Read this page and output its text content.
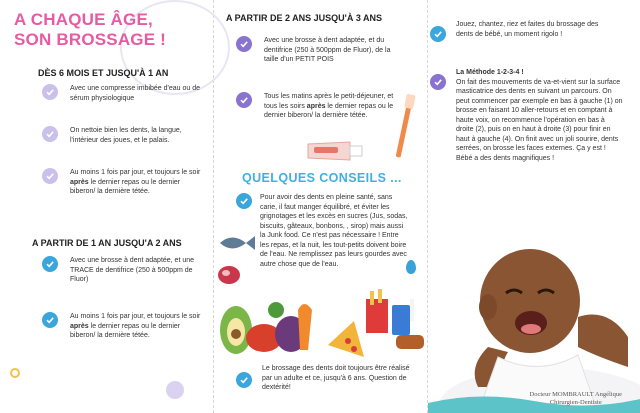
A CHAQUE ÂGE,
SON BROSSAGE !
DÈS 6 MOIS ET JUSQU'À 1 AN
Avec une compresse imbibée d'eau ou de sérum physiologique
On nettoie bien les dents, la langue, l'intérieur des joues, et le palais.
Au moins 1 fois par jour, et toujours le soir après le dernier repas ou le dernier biberon/ la dernière tétée.
A PARTIR DE 1 AN JUSQU'A 2 ANS
Avec une brosse à dent adaptée, et une TRACE de dentifrice (250 à 500ppm de Fluor)
Au moins 1 fois par jour, et toujours le soir après le dernier repas ou le dernier biberon/ la dernière tétée.
A PARTIR DE 2 ANS JUSQU'À 3 ANS
Avec une brosse à dent adaptée, et du dentifrice (250 à 500ppm de Fluor), de la taille d'un PETIT POIS
Tous les matins après le petit-déjeuner, et tous les soirs après le dernier repas ou le dernier biberon/ la dernière tétée.
QUELQUES CONSEILS ...
Pour avoir des dents en pleine santé, sans carie, il faut manger équilibré, et éviter les grignotages et les excès en sucres (Jus, sodas, biscuits, gâteaux, bonbons, , sirop) mais aussi la Junk food. Ce n'est pas nécessaire ! Entre les repas, et la nuit, les tout-petits doivent boire de l'eau. Ne remplissez pas leurs gourdes avec autre chose que de l'eau.
Le brossage des dents doit toujours être réalisé par un adulte et ce, jusqu'à 6 ans. Question de dextérité!
Jouez, chantez, riez et faites du brossage des dents de bébé, un moment rigolo !
La Méthode 1-2-3-4 !
On fait des mouvements de va-et-vient sur la surface masticatrice des dents en suivant un parcours. On peut commencer par exemple en bas à gauche (1) on brosse en faisant 10 aller-retours et en comptant à haute voix, on recommence l'opération en bas à droite (2), puis on en haut à droite (3) pour finir en haut à gauche (4). On finit avec un joli sourire, dents serrées, on brosse les faces externes. Ça y est ! Bébé a des dents magnifiques !
Docteur MOMBRAULT Angélique
Chirurgien-Dentiste
